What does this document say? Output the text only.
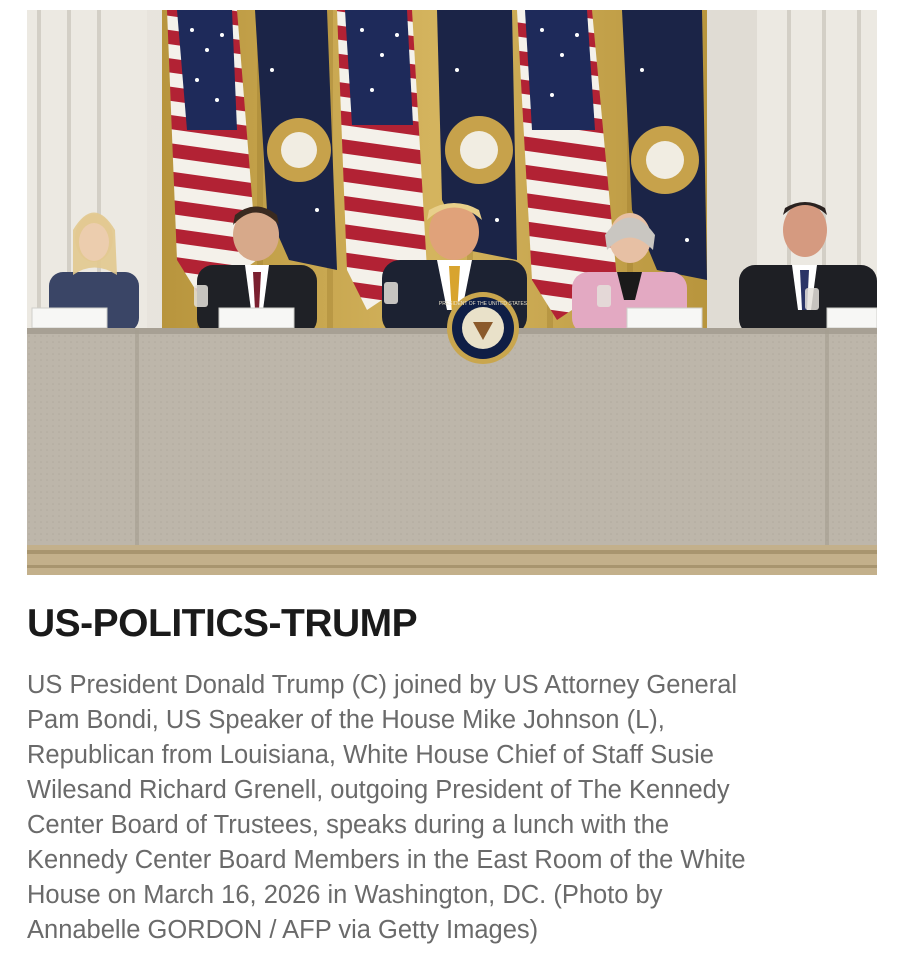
PRESIDENT OF THE UNITED STATES
US-POLITICS-TRUMP
US President Donald Trump (C) joined by US Attorney General
Pam Bondi, US Speaker of the House Mike Johnson (L),
Republican from Louisiana, White House Chief of Staff Susie
Wilesand Richard Grenell, outgoing President of The Kennedy
Center Board of Trustees, speaks during a lunch with the
Kennedy Center Board Members in the East Room of the White
House on March 16, 2026 in Washington, DC. (Photo by
Annabelle GORDON / AFP via Getty Images)
